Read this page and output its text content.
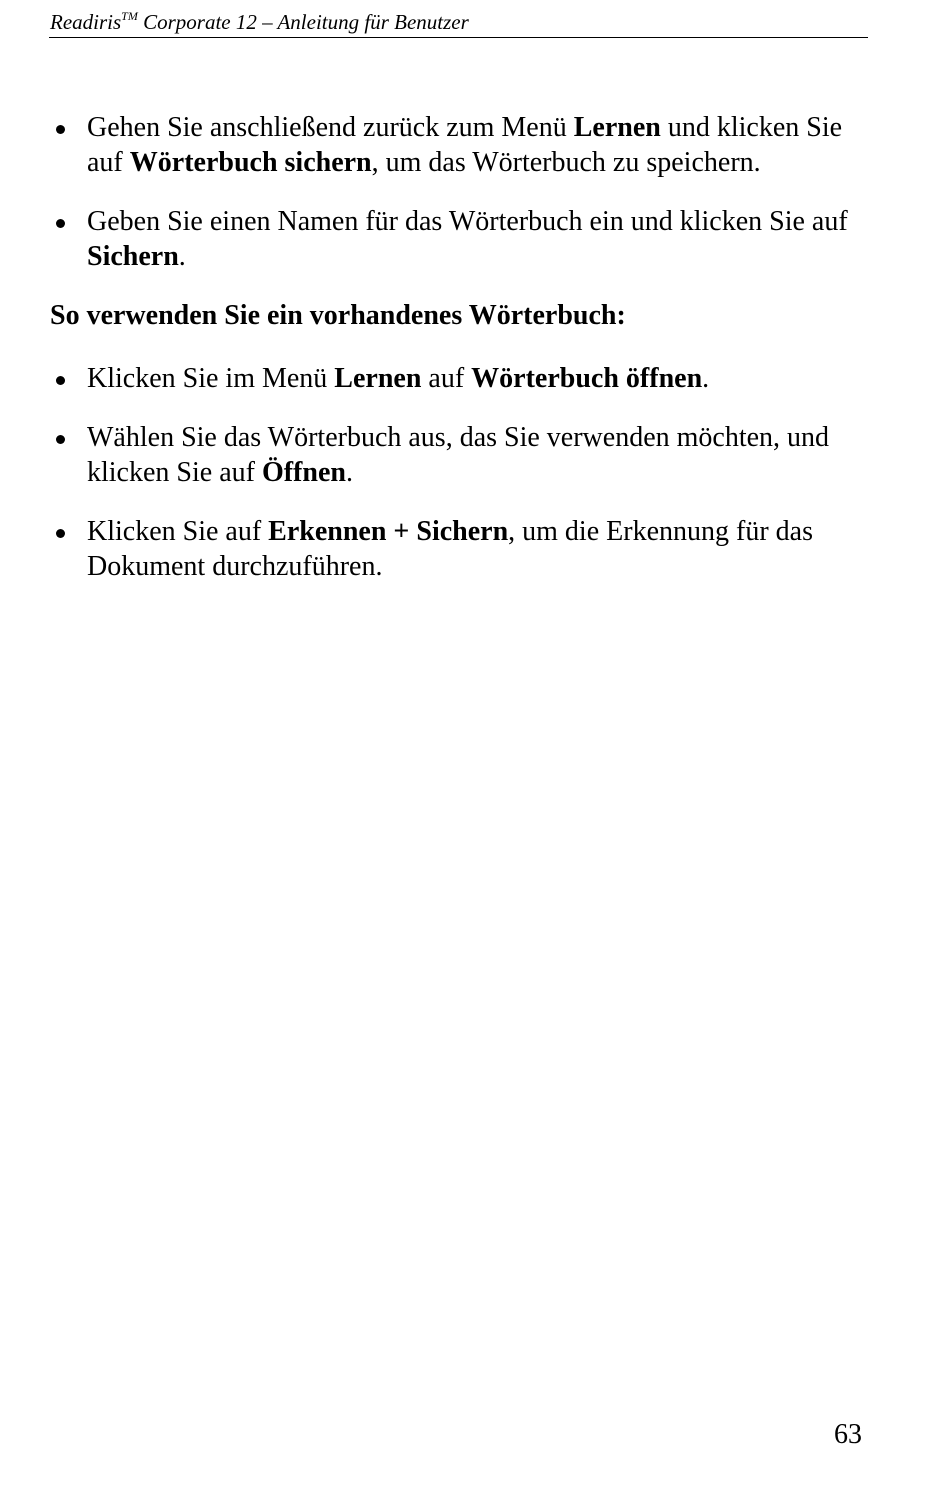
Readiris™ Corporate 12 – Anleitung für Benutzer

Gehen Sie anschließend zurück zum Menü Lernen und klicken Sie auf Wörterbuch sichern, um das Wörterbuch zu speichern.

Geben Sie einen Namen für das Wörterbuch ein und klicken Sie auf Sichern.

So verwenden Sie ein vorhandenes Wörterbuch:

Klicken Sie im Menü Lernen auf Wörterbuch öffnen.

Wählen Sie das Wörterbuch aus, das Sie verwenden möchten, und klicken Sie auf Öffnen.

Klicken Sie auf Erkennen + Sichern, um die Erkennung für das Dokument durchzuführen.

63
